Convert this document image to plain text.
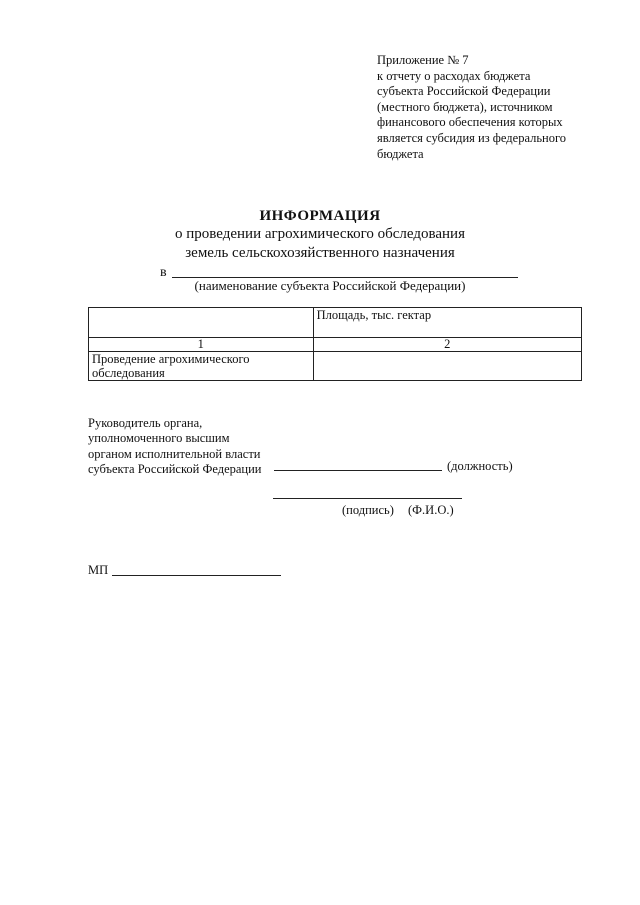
Приложение № 7
к отчету о расходах бюджета
субъекта Российской Федерации
(местного бюджета), источником
финансового обеспечения которых
является субсидия из федерального
бюджета
ИНФОРМАЦИЯ
о проведении агрохимического обследования
земель сельскохозяйственного назначения
в
(наименование субъекта Российской Федерации)
	Площадь, тыс. гектар
1	2

Проведение агрохимического
обследования	

Руководитель органа,
уполномоченного высшим
органом исполнительной власти
субъекта Российской Федерации	(должность)
(подпись) (Ф.И.О.)
МП
